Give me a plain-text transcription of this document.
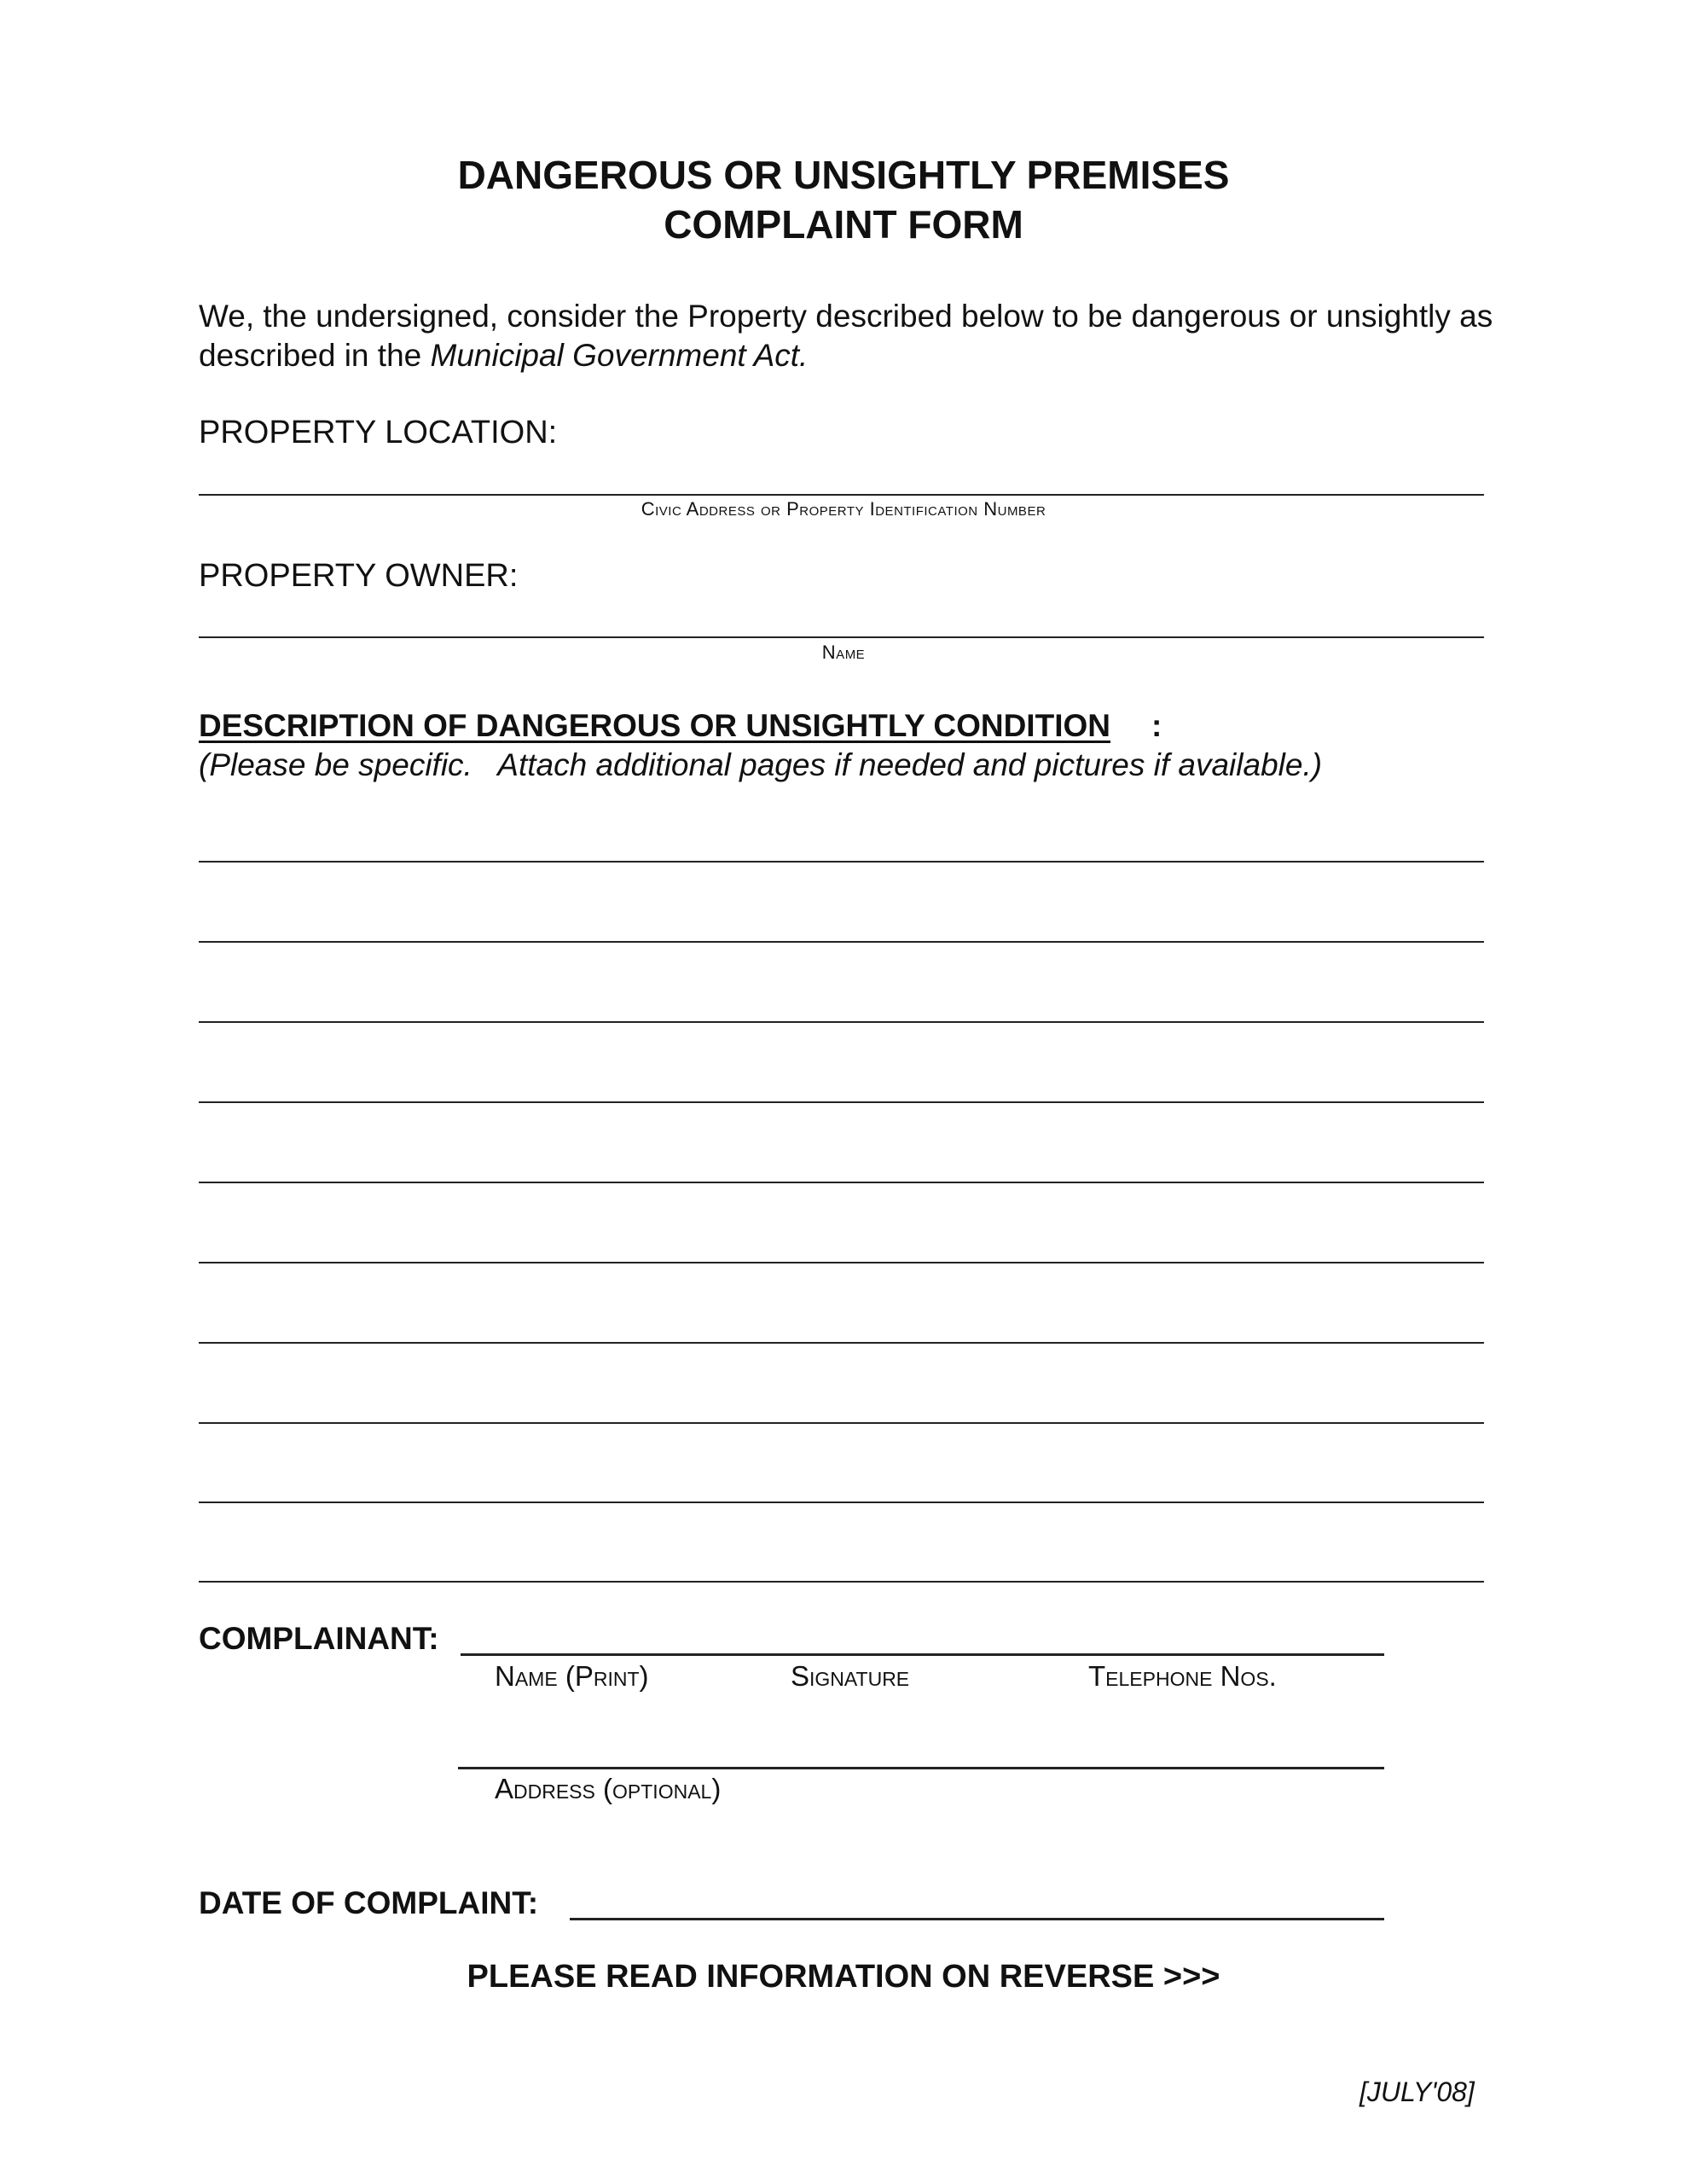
DANGEROUS OR UNSIGHTLY PREMISES
COMPLAINT FORM
We, the undersigned, consider the Property described below to be dangerous or unsightly as described in the Municipal Government Act.
PROPERTY LOCATION:
Civic Address or Property Identification Number
PROPERTY OWNER:
Name
DESCRIPTION OF DANGEROUS OR UNSIGHTLY CONDITION :
(Please be specific.   Attach additional pages if needed and pictures if available.)
COMPLAINANT:
Name (Print)	Signature	Telephone Nos.
Address (optional)
DATE OF COMPLAINT:
PLEASE READ INFORMATION ON REVERSE >>>
[JULY'08]
